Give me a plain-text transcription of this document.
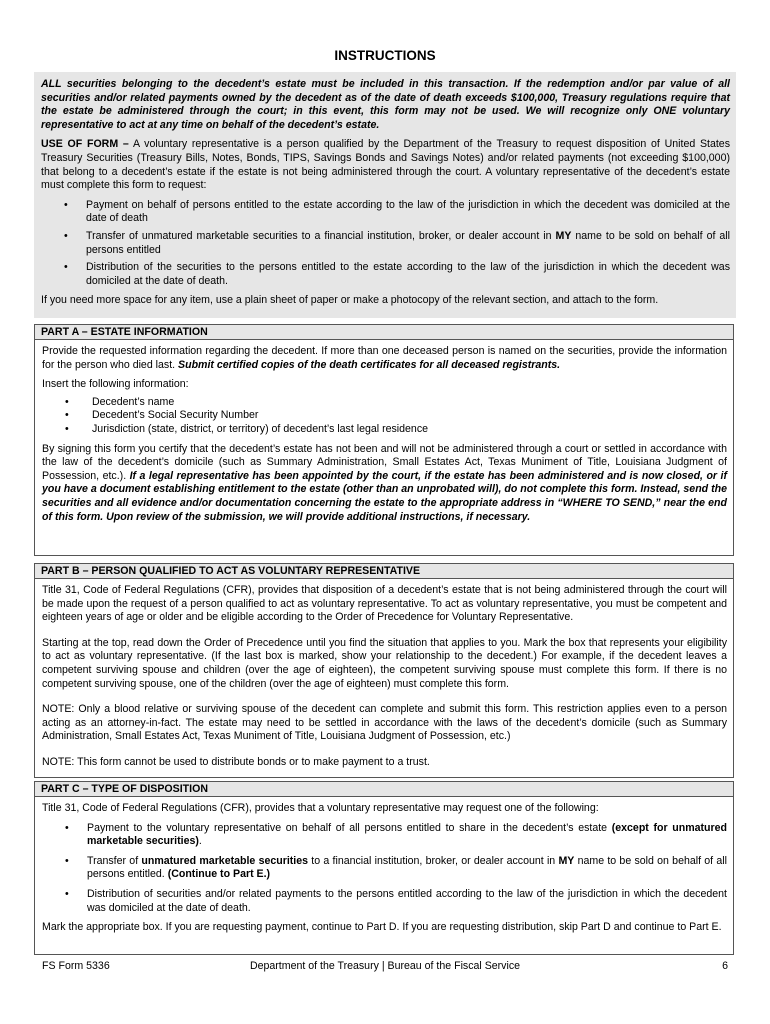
INSTRUCTIONS

ALL securities belonging to the decedent’s estate must be included in this transaction. If the redemption and/or par value of all securities and/or related payments owned by the decedent as of the date of death exceeds $100,000, Treasury regulations require that the estate be administered through the court; in this event, this form may not be used. We will recognize only ONE voluntary representative to act at any time on behalf of the decedent’s estate.

USE OF FORM – A voluntary representative is a person qualified by the Department of the Treasury to request disposition of United States Treasury Securities (Treasury Bills, Notes, Bonds, TIPS, Savings Bonds and Savings Notes) and/or related payments (not exceeding $100,000) that belong to a decedent’s estate if the estate is not being administered through the court. A voluntary representative of the decedent’s estate must complete this form to request:

• Payment on behalf of persons entitled to the estate according to the law of the jurisdiction in which the decedent was domiciled at the date of death
• Transfer of unmatured marketable securities to a financial institution, broker, or dealer account in MY name to be sold on behalf of all persons entitled
• Distribution of the securities to the persons entitled to the estate according to the law of the jurisdiction in which the decedent was domiciled at the date of death.

If you need more space for any item, use a plain sheet of paper or make a photocopy of the relevant section, and attach to the form.

PART A – ESTATE INFORMATION

Provide the requested information regarding the decedent. If more than one deceased person is named on the securities, provide the information for the person who died last. Submit certified copies of the death certificates for all deceased registrants.

Insert the following information:

• Decedent’s name
• Decedent’s Social Security Number
• Jurisdiction (state, district, or territory) of decedent’s last legal residence

By signing this form you certify that the decedent’s estate has not been and will not be administered through a court or settled in accordance with the law of the decedent’s domicile (such as Summary Administration, Small Estates Act, Texas Muniment of Title, Louisiana Judgment of Possession, etc.). If a legal representative has been appointed by the court, if the estate has been administered and is now closed, or if you have a document establishing entitlement to the estate (other than an unprobated will), do not complete this form. Instead, send the securities and all evidence and/or documentation concerning the estate to the appropriate address in “WHERE TO SEND,” near the end of this form. Upon review of the submission, we will provide additional instructions, if necessary.

PART B – PERSON QUALIFIED TO ACT AS VOLUNTARY REPRESENTATIVE

Title 31, Code of Federal Regulations (CFR), provides that disposition of a decedent’s estate that is not being administered through the court will be made upon the request of a person qualified to act as voluntary representative. To act as voluntary representative, you must be competent and eighteen years of age or older and be eligible according to the Order of Precedence for Voluntary Representative.

Starting at the top, read down the Order of Precedence until you find the situation that applies to you. Mark the box that represents your eligibility to act as voluntary representative. (If the last box is marked, show your relationship to the decedent.) For example, if the decedent leaves a competent surviving spouse and children (over the age of eighteen), the competent surviving spouse must complete this form. If there is no competent surviving spouse, one of the children (over the age of eighteen) must complete this form.

NOTE: Only a blood relative or surviving spouse of the decedent can complete and submit this form. This restriction applies even to a person acting as an attorney-in-fact. The estate may need to be settled in accordance with the laws of the decedent’s domicile (such as Summary Administration, Small Estates Act, Texas Muniment of Title, Louisiana Judgment of Possession, etc.)

NOTE: This form cannot be used to distribute bonds or to make payment to a trust.

PART C – TYPE OF DISPOSITION

Title 31, Code of Federal Regulations (CFR), provides that a voluntary representative may request one of the following:

• Payment to the voluntary representative on behalf of all persons entitled to share in the decedent’s estate (except for unmatured marketable securities).
• Transfer of unmatured marketable securities to a financial institution, broker, or dealer account in MY name to be sold on behalf of all persons entitled. (Continue to Part E.)
• Distribution of securities and/or related payments to the persons entitled according to the law of the jurisdiction in which the decedent was domiciled at the date of death.

Mark the appropriate box. If you are requesting payment, continue to Part D. If you are requesting distribution, skip Part D and continue to Part E.

FS Form 5336	Department of the Treasury | Bureau of the Fiscal Service	6
